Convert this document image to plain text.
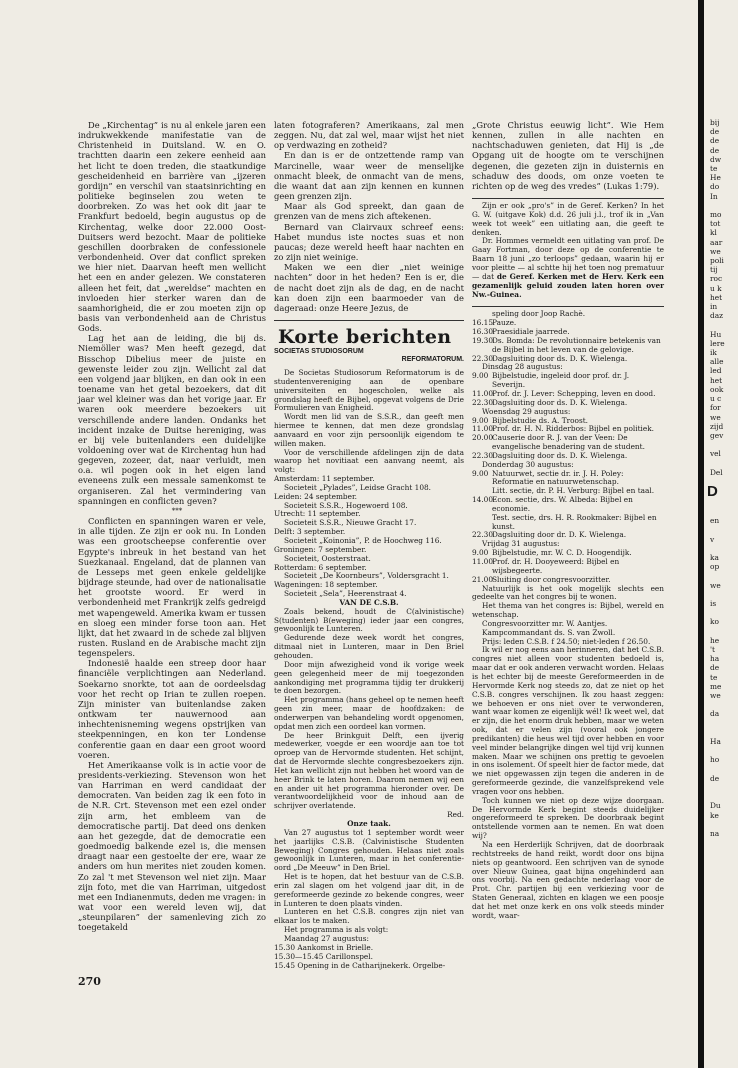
De „Kirchentag” is nu al enkele jaren een indrukwekkende manifestatie van de Christenheid in Duitsland. W. en O. trachtten daarin een zekere eenheid aan het licht te doen treden, die staatkundige gescheidenheid en barrière van „ijzeren gordijn” en verschil van staatsinrichting en politieke beginselen zou weten te doorbreken. Zo was het ook dit jaar te Frankfurt bedoeld, begin augustus op de Kirchentag, welke door 22.000 Oost-Duitsers werd bezocht. Maar de politieke geschillen doorbraken de confessionele verbondenheid. Over dat conflict spreken we hier niet. Daarvan heeft men wellicht het een en ander gelezen. We constateren alleen het feit, dat „wereldse” machten en invloeden hier sterker waren dan de saamhorigheid, die er zou moeten zijn op basis van verbondenheid aan de Christus Gods.

Lag het aan de leiding, die bij ds. Niemöller was? Men heeft gezegd, dat Bisschop Dibelius meer de juiste en gewenste leider zou zijn. Wellicht zal dat een volgend jaar blijken, en dan ook in een toename van het getal bezoekers, dat dit jaar wel kleiner was dan het vorige jaar. Er waren ook meerdere bezoekers uit verschillende andere landen. Ondanks het incident inzake de Duitse hereniging, was er bij vele buitenlanders een duidelijke voldoening over wat de Kirchentag hun had gegeven, zozeer, dat, naar verluidt, men o.a. wil pogen ook in het eigen land eveneens zulk een messale samenkomst te organiseren. Zal het vermindering van spanningen en conflicten geven?

***

Conflicten en spanningen waren er vele, in alle tijden. Ze zijn er ook nu. In Londen was een grootscheepse conferentie over Egypte's inbreuk in het bestand van het Suezkanaal. Engeland, dat de plannen van de Lesseps met geen enkele geldelijke bijdrage steunde, had over de nationalisatie het grootste woord. Er werd in verbondenheid met Frankrijk zelfs gedreigd met wapengeweld. Amerika kwam er tussen en sloeg een minder forse toon aan. Het lijkt, dat het zwaard in de schede zal blijven rusten. Rusland en de Arabische macht zijn tegenspelers.

Indonesië haalde een streep door haar financiële verplichtingen aan Nederland. Soekarno snorkte, tot aan de oordeelsdag voor het recht op Irian te zullen roepen. Zijn minister van buitenlandse zaken ontkwam ter nauwernood aan inhechtenisneming wegens opstrijken van steekpenningen, en kon ter Londense conferentie gaan en daar een groot woord voeren.

Het Amerikaanse volk is in actie voor de presidents-verkiezing. Stevenson won het van Harriman en werd candidaat der democraten. Van beiden zag ik een foto in de N.R. Crt. Stevenson met een ezel onder zijn arm, het embleem van de democratische partij. Dat deed ons denken aan het gezegde, dat de democratie een goedmoedig balkende ezel is, die mensen draagt naar een gestoelte der ere, waar ze anders om hun merites niet zouden komen. Zo zal 't met Stevenson wel niet zijn. Maar zijn foto, met die van Harriman, uitgedost met een Indianenmuts, deden me vragen: in wat voor een wereld leven wij, dat „steunpilaren” der samenleving zich zo toegetakeld

laten fotograferen? Amerikaans, zal men zeggen. Nu, dat zal wel, maar wijst het niet op verdwazing en zotheid?

En dan is er de ontzettende ramp van Marcinelle, waar weer de menselijke onmacht bleek, de onmacht van de mens, die waant dat aan zijn kennen en kunnen geen grenzen zijn.

Maar als God spreekt, dan gaan de grenzen van de mens zich aftekenen.

Bernard van Clairvaux schreef eens: Habet mundus iste noctes suas et non paucas; deze wereld heeft haar nachten en zo zijn niet weinige.

Maken we een dier „niet weinige nachten” door in het heden? Een is er, die de nacht doet zijn als de dag, en de nacht kan doen zijn een baarmoeder van de dageraad: onze Heere Jezus, de

Korte berichten
SOCIETAS STUDIOSORUM
REFORMATORUM.

De Societas Studiosorum Reformatorum is de studentenvereniging aan de openbare universiteiten en hogescholen, welke als grondslag heeft de Bijbel, opgevat volgens de Drie Formulieren van Enigheid.

Wordt men lid van de S.S.R., dan geeft men hiermee te kennen, dat men deze grondslag aanvaard en voor zijn persoonlijk eigendom te willen maken.

Voor de verschillende afdelingen zijn de data waarop het novitiaat een aanvang neemt, als volgt:

Amsterdam: 11 september.

Societeit „Pylades”, Leidse Gracht 108.

Leiden: 24 september.

Societeit S.S.R., Hogewoerd 108.

Utrecht: 11 september.

Societeit S.S.R., Nieuwe Gracht 17.

Delft: 3 september.

Societeit „Koinonia”, P. de Hoochweg 116.

Groningen: 7 september.

Societeit, Oosterstraat.

Rotterdam: 6 september.

Societeit „De Koornbeurs”, Voldersgracht 1.

Wageningen: 18 september.

Societeit „Sela”, Heerenstraat 4.

VAN DE C.S.B.

Zoals bekend, houdt de C(alvinistische) S(tudenten) B(eweging) ieder jaar een congres, gewoonlijk te Lunteren.

Gedurende deze week wordt het congres, ditmaal niet in Lunteren, maar in Den Briel gehouden.

Door mijn afwezigheid vond ik vorige week geen gelegenheid meer de mij toegezonden aankondiging met programma tijdig ter drukkerij te doen bezorgen.

Het programma (hans geheel op te nemen heeft geen zin meer, maar de hoofdzaken: de onderwerpen van behandeling wordt opgenomen, opdat men zich een oordeel kan vormen.

De heer Brinkguit Delft, een ijverig medewerker, voegde er een woordje aan toe tot oproep van de Hervormde studenten. Het schijnt, dat de Hervormde slechte congresbezoekers zijn. Het kan wellicht zijn nut hebben het woord van de heer Brink te laten horen. Daarom nemen wij een en ander uit het programma hieronder over. De verantwoordelijkheid voor de inhoud aan de schrijver overlatende.

Red.

Onze taak.

Van 27 augustus tot 1 september wordt weer het jaarlijks C.S.B. (Calvinistische Studenten Beweging) Congres gehouden. Helaas niet zoals gewoonlijk in Lunteren, maar in het conferentie-oord „De Meeuw” in Den Briel.

Het is te hopen, dat het bestuur van de C.S.B. erin zal slagen om het volgend jaar dit, in de gereformeerde gezinde zo bekende congres, weer in Lunteren te doen plaats vinden.

Lunteren en het C.S.B. congres zijn niet van elkaar los te maken.

Het programma is als volgt:

Maandag 27 augustus:

15.30 Aankomst in Brielle.

15.30—15.45 Carillonspel.

15.45 Opening in de Catharijnekerk. Orgelbe-

„Grote Christus eeuwig licht”. Wie Hem kennen, zullen in alle nachten en nachtschaduwen genieten, dat Hij is „de Opgang uit de hoogte om te verschijnen degenen, die gezeten zijn in duisternis en schaduw des doods, om onze voeten te richten op de weg des vredes” (Lukas 1:79).

Zijn er ook „pro's” in de Geref. Kerken? In het G. W. (uitgave Kok) d.d. 26 juli j.l., trof ik in „Van week tot week” een uitlating aan, die geeft te denken.

Dr. Hommes vermeldt een uitlating van prof. De Gaay Fortman, door deze op de conferentie te Baarn 18 juni „zo terloops” gedaan, waarin hij er voor pleitte — al schtte hij het toen nog prematuur — dat de Geref. Kerken met de Herv. Kerk een gezamenlijk geluid zouden laten horen over Nw.-Guinea.

speling door Joop Rachè.

16.15
Pauze.

16.30
Praesidiale jaarrede.

19.30
Ds. Bomda: De revolutionnaire betekenis van de Bijbel in het leven van de gelovige.

22.30
Dagsluiting door ds. D. K. Wielenga.

Dinsdag 28 augustus:

9.00 Bijbelstudie, ingeleid door prof. dr. J. Severijn.

11.00
Prof. dr. J. Lever: Schepping, leven en dood.

22.30
Dagsluiting door ds. D. K. Wielenga.

Woensdag 29 augustus:

9.00 Bijbelstudie ds. A. Troost.

11.00
Prof. dr. H. N. Ridderbos: Bijbel en politiek.

20.00
Causerie door R. J. van der Veen: De evangelische benadering van de student.

22.30
Dagsluiting door ds. D. K. Wielenga.

Donderdag 30 augustus:

9.00 Natuurwet, sectie dr. ir. J. H. Poley: Reformatie en natuurwetenschap.

Litt. sectie, dr. P. H. Verburg: Bijbel en taal.

14.00
Econ. sectie, drs. W. Albeda: Bijbel en economie.

Test. sectie, drs. H. R. Rookmaker: Bijbel en kunst.

22.30
Dagsluiting door dr. D. K. Wielenga.

Vrijdag 31 augustus:

9.00 Bijbelstudie, mr. W. C. D. Hoogendijk.

11.00
Prof. dr. H. Dooyeweerd: Bijbel en wijsbegeerte.

21.00
Sluiting door congresvoorzitter.

Natuurlijk is het ook mogelijk slechts een gedeelte van het congres bij te wonen.

Het thema van het congres is: Bijbel, wereld en wetenschap.

Congresvoorzitter mr. W. Aantjes.

Kampcommandant ds. S. van Zwoll.

Prijs: leden C.S.B. f 24.50; niet-leden f 26.50.

Ik wil er nog eens aan herinneren, dat het C.S.B. congres niet alleen voor studenten bedoeld is, maar dat er ook anderen verwacht worden. Helaas is het echter bij de meeste Gereformeerden in de Hervormde Kerk nog steeds zo, dat ze niet op het C.S.B. congres verschijnen. Ik zou haast zeggen: we behoeven er ons niet over te verwonderen, want waar komen ze eigenlijk wél! Ik weet wel, dat er zijn, die het enorm druk hebben, maar we weten ook, dat er velen zijn (vooral ook jongere predikanten) die heus wel tijd over hebben en voor veel minder belangrijke dingen wel tijd vrij kunnen maken. Maar we schijnen ons prettig te gevoelen in ons isolement. Of speelt hier de factor mede, dat we niet opgewassen zijn tegen die anderen in de gereformeerde gezinde, die vanzelfsprekend vele vragen voor ons hebben.

Toch kunnen we niet op deze wijze doorgaan. De Hervormde Kerk begint steeds duidelijker ongereformeerd te spreken. De doorbraak begint ontstellende vormen aan te nemen. En wat doen wij?

Na een Herderlijk Schrijven, dat de doorbraak rechtstreeks de hand reikt, wordt door ons bijna niets op geantwoord. Een schrijven van de synode over Nieuw Guinea, gaat bijna ongehinderd aan ons voorbij. Na een gedachte nederlaag voor de Prot. Chr. partijen bij een verkiezing voor de Staten Generaal, zichten en klagen we een poosje dat het met onze kerk en ons volk steeds minder wordt, waar-

270
bij
de
de
de
dw
te
He
do
In

mo
tot
kl
aar
we
poli
tij
roc
u k
het
in
daz

Hu
lere
ik
alle
led
het
ook
u c
for
we
zijd
gev

vel

Del
D

en

v

ka
op

we

is

ko

he
't
ha
de
te
me
we

da

Ha

ho

de

Du
ke

na
